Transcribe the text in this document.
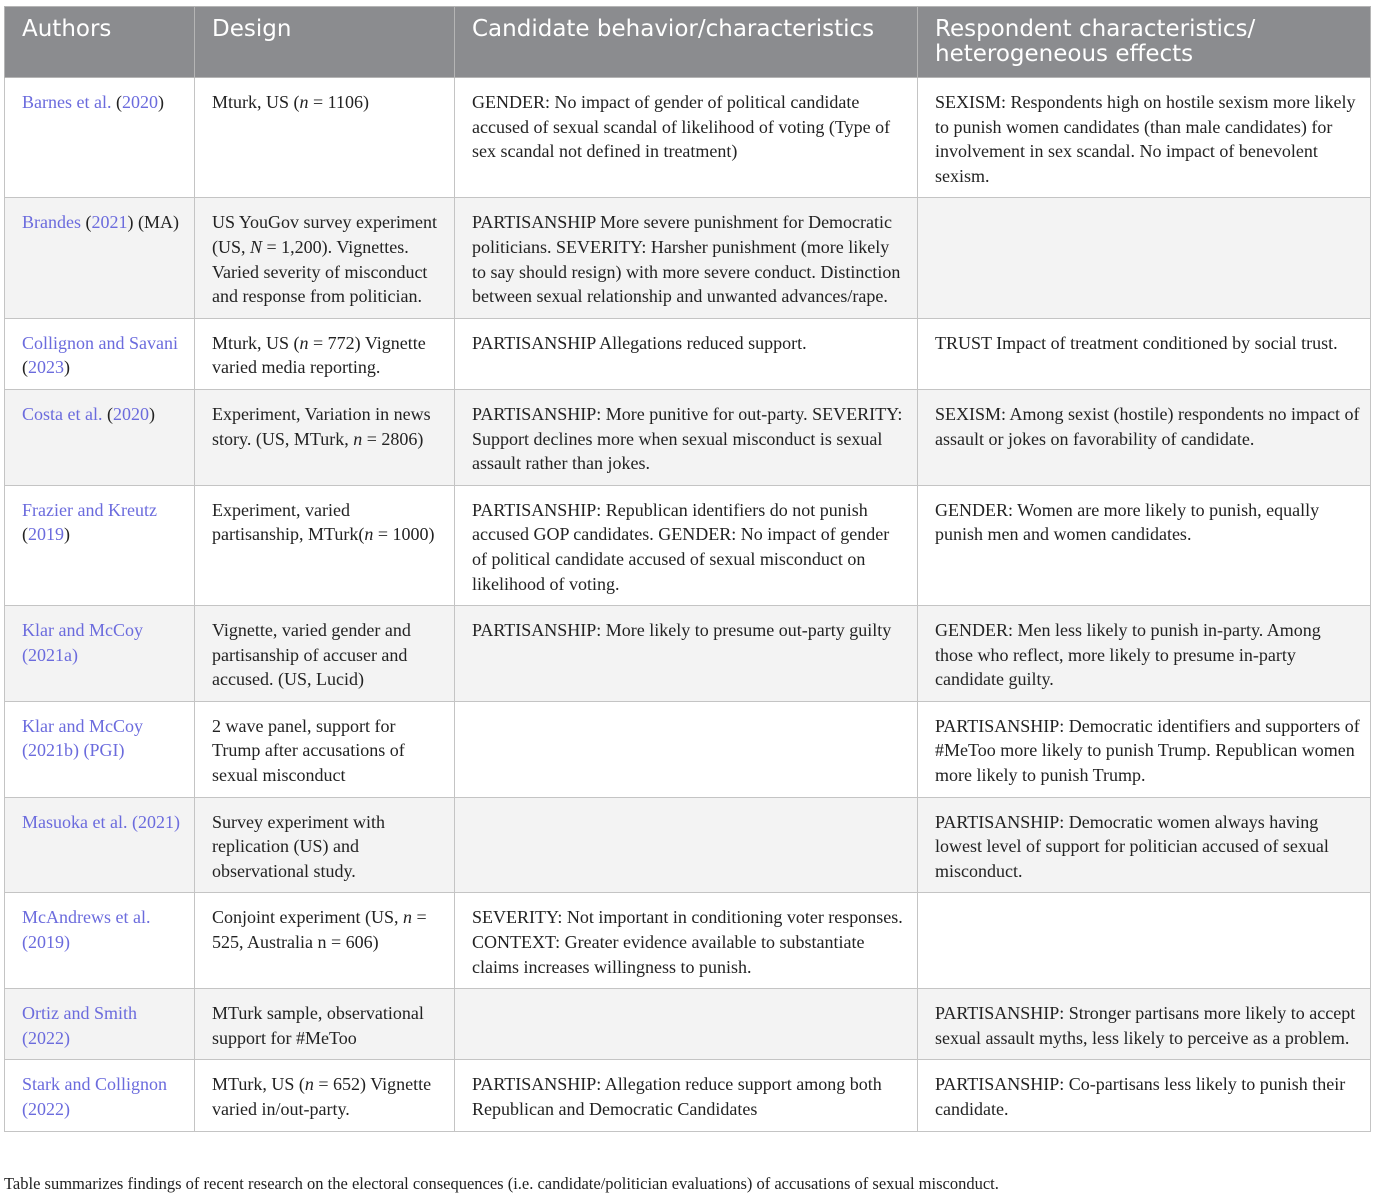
Authors	Design	Candidate behavior/characteristics	Respondent characteristics/
heterogeneous effects
Barnes et al. (2020)	Mturk, US (n = 1106)	GENDER: No impact of gender of political candidate accused of sexual scandal of likelihood of voting (Type of sex scandal not defined in treatment)	SEXISM: Respondents high on hostile sexism more likely to punish women candidates (than male candidates) for involvement in sex scandal. No impact of benevolent sexism.
Brandes (2021) (MA)	US YouGov survey experiment (US, N = 1,200). Vignettes. Varied severity of misconduct and response from politician.	PARTISANSHIP More severe punishment for Democratic politicians. SEVERITY: Harsher punishment (more likely to say should resign) with more severe conduct. Distinction between sexual relationship and unwanted advances/rape.	
Collignon and Savani (2023)	Mturk, US (n = 772) Vignette varied media reporting.	PARTISANSHIP Allegations reduced support.	TRUST Impact of treatment conditioned by social trust.
Costa et al. (2020)	Experiment, Variation in news story. (US, MTurk, n = 2806)	PARTISANSHIP: More punitive for out-party. SEVERITY: Support declines more when sexual misconduct is sexual assault rather than jokes.	SEXISM: Among sexist (hostile) respondents no impact of assault or jokes on favorability of candidate.
Frazier and Kreutz (2019)	Experiment, varied partisanship, MTurk(n = 1000)	PARTISANSHIP: Republican identifiers do not punish accused GOP candidates. GENDER: No impact of gender of political candidate accused of sexual misconduct on likelihood of voting.	GENDER: Women are more likely to punish, equally punish men and women candidates.
Klar and McCoy (2021a)	Vignette, varied gender and partisanship of accuser and accused. (US, Lucid)	PARTISANSHIP: More likely to presume out-party guilty	GENDER: Men less likely to punish in-party. Among those who reflect, more likely to presume in-party candidate guilty.
Klar and McCoy (2021b) (PGI)	2 wave panel, support for Trump after accusations of sexual misconduct		PARTISANSHIP: Democratic identifiers and supporters of #MeToo more likely to punish Trump. Republican women more likely to punish Trump.
Masuoka et al. (2021)	Survey experiment with replication (US) and observational study.		PARTISANSHIP: Democratic women always having lowest level of support for politician accused of sexual misconduct.
McAndrews et al. (2019)	Conjoint experiment (US, n = 525, Australia n = 606)	SEVERITY: Not important in conditioning voter responses. CONTEXT: Greater evidence available to substantiate claims increases willingness to punish.	
Ortiz and Smith (2022)	MTurk sample, observational support for #MeToo		PARTISANSHIP: Stronger partisans more likely to accept sexual assault myths, less likely to perceive as a problem.
Stark and Collignon (2022)	MTurk, US (n = 652) Vignette varied in/out-party.	PARTISANSHIP: Allegation reduce support among both Republican and Democratic Candidates	PARTISANSHIP: Co-partisans less likely to punish their candidate.
Table summarizes findings of recent research on the electoral consequences (i.e. candidate/politician evaluations) of accusations of sexual misconduct.
